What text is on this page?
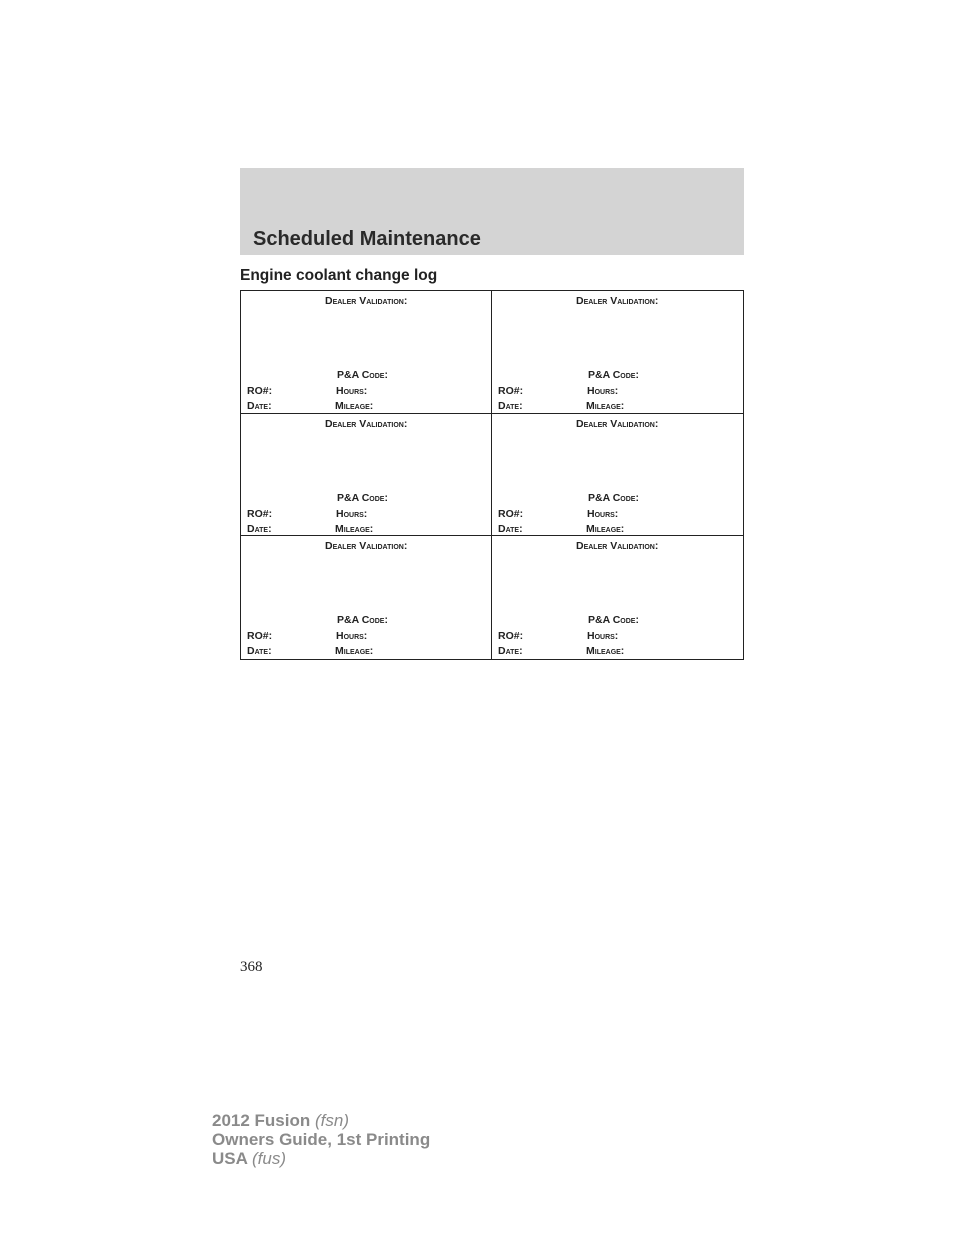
Scheduled Maintenance
Engine coolant change log
Dealer Validation:
P&A Code:
RO#:	Hours:
Date:	Mileage:
Dealer Validation:
P&A Code:
RO#:	Hours:
Date:	Mileage:
Dealer Validation:
P&A Code:
RO#:	Hours:
Date:	Mileage:
Dealer Validation:
P&A Code:
RO#:	Hours:
Date:	Mileage:
Dealer Validation:
P&A Code:
RO#:	Hours:
Date:	Mileage:
Dealer Validation:
P&A Code:
RO#:	Hours:
Date:	Mileage:
368
2012 Fusion (fsn)
Owners Guide, 1st Printing
USA (fus)
